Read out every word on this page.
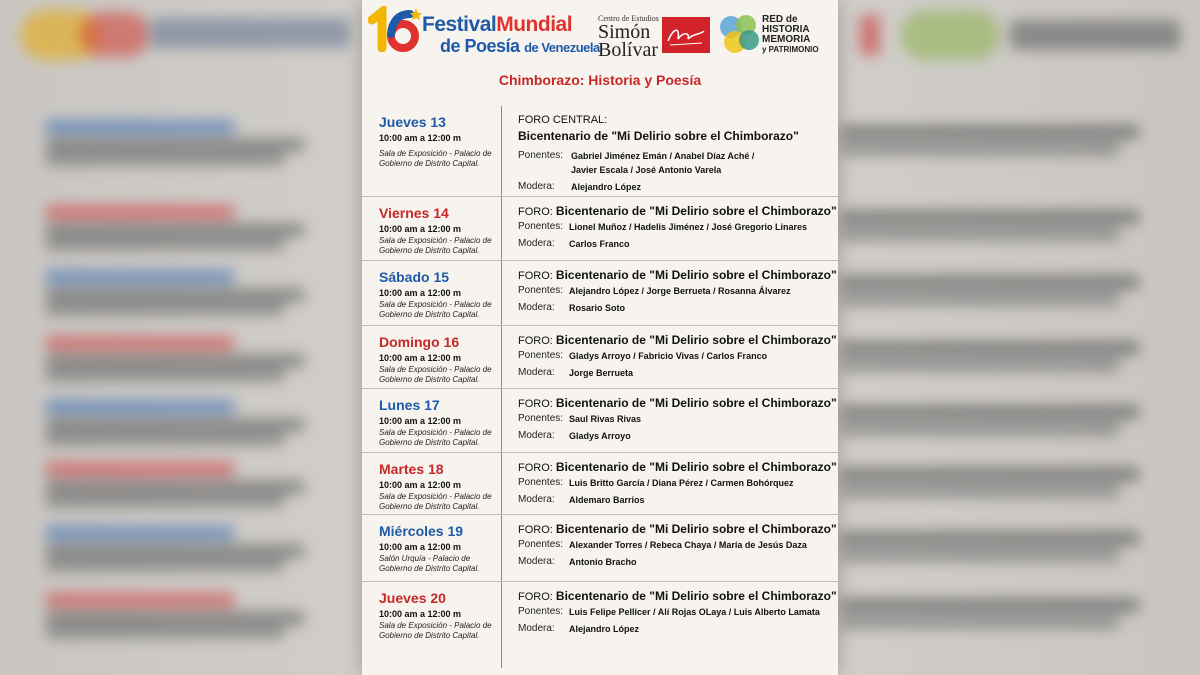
FestivalMundial
de Poesía de Venezuela
Centro de Estudios
Simón Bolívar
RED de
HISTORIA
MEMORIA
y PATRIMONIO
Chimborazo: Historia y Poesía
Jueves 13
10:00 am a 12:00 m
Sala de Exposición - Palacio de Gobierno de Distrito Capital.
FORO CENTRAL:
Bicentenario de "Mi Delirio sobre el Chimborazo"
Ponentes: Gabriel Jiménez Emán / Anabel Díaz Aché /
Javier Escala / José Antonio Varela
Modera: Alejandro López
Viernes 14
10:00 am a 12:00 m
Sala de Exposición - Palacio de Gobierno de Distrito Capital.
FORO: Bicentenario de "Mi Delirio sobre el Chimborazo"
Ponentes: Lionel Muñoz / Hadelis Jiménez / José Gregorio Linares
Modera: Carlos Franco
Sábado 15
10:00 am a 12:00 m
Sala de Exposición - Palacio de Gobierno de Distrito Capital.
FORO: Bicentenario de "Mi Delirio sobre el Chimborazo"
Ponentes: Alejandro López / Jorge Berrueta / Rosanna Álvarez
Modera: Rosario Soto
Domingo 16
10:00 am a 12:00 m
Sala de Exposición - Palacio de Gobierno de Distrito Capital.
FORO: Bicentenario de "Mi Delirio sobre el Chimborazo"
Ponentes: Gladys Arroyo / Fabricio Vivas / Carlos Franco
Modera: Jorge Berrueta
Lunes 17
10:00 am a 12:00 m
Sala de Exposición - Palacio de Gobierno de Distrito Capital.
FORO: Bicentenario de "Mi Delirio sobre el Chimborazo"
Ponentes: Saul Rivas Rivas
Modera: Gladys Arroyo
Martes 18
10:00 am a 12:00 m
Sala de Exposición - Palacio de Gobierno de Distrito Capital.
FORO: Bicentenario de "Mi Delirio sobre el Chimborazo"
Ponentes: Luis Britto García / Diana Pérez / Carmen Bohórquez
Modera: Aldemaro Barrios
Miércoles 19
10:00 am a 12:00 m
Salón Urquía - Palacio de Gobierno de Distrito Capital.
FORO: Bicentenario de "Mi Delirio sobre el Chimborazo"
Ponentes: Alexander Torres / Rebeca Chaya / María de Jesús Daza
Modera: Antonio Bracho
Jueves 20
10:00 am a 12:00 m
Sala de Exposición - Palacio de Gobierno de Distrito Capital.
FORO: Bicentenario de "Mi Delirio sobre el Chimborazo"
Ponentes: Luis Felipe Pellicer / Alí Rojas OLaya / Luis Alberto Lamata
Modera: Alejandro López
